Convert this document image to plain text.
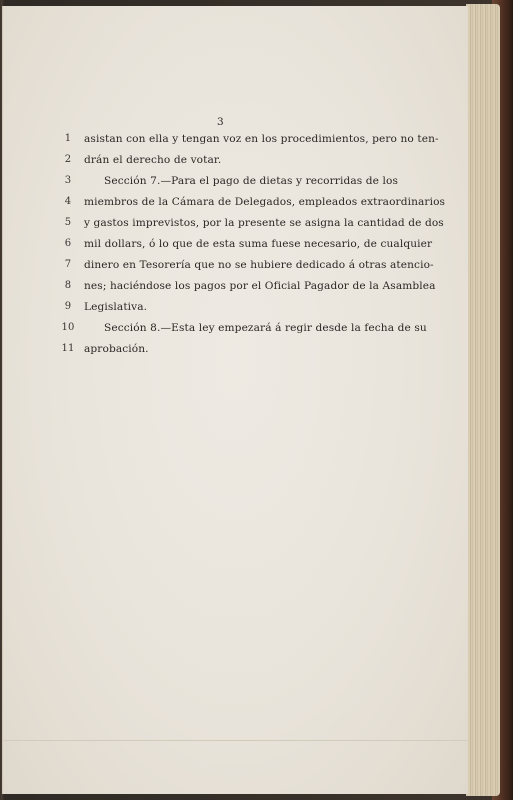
3
1	asistan con ella y tengan voz en los procedimientos, pero no ten-
2	drán el derecho de votar.
3	Sección 7.—Para el pago de dietas y recorridas de los
4	miembros de la Cámara de Delegados, empleados extraordinarios
5	y gastos imprevistos, por la presente se asigna la cantidad de dos
6	mil dollars, ó lo que de esta suma fuese necesario, de cualquier
7	dinero en Tesorería que no se hubiere dedicado á otras atencio-
8	nes; haciéndose los pagos por el Oficial Pagador de la Asamblea
9	Legislativa.
10	Sección 8.—Esta ley empezará á regir desde la fecha de su
11 aprobación.
